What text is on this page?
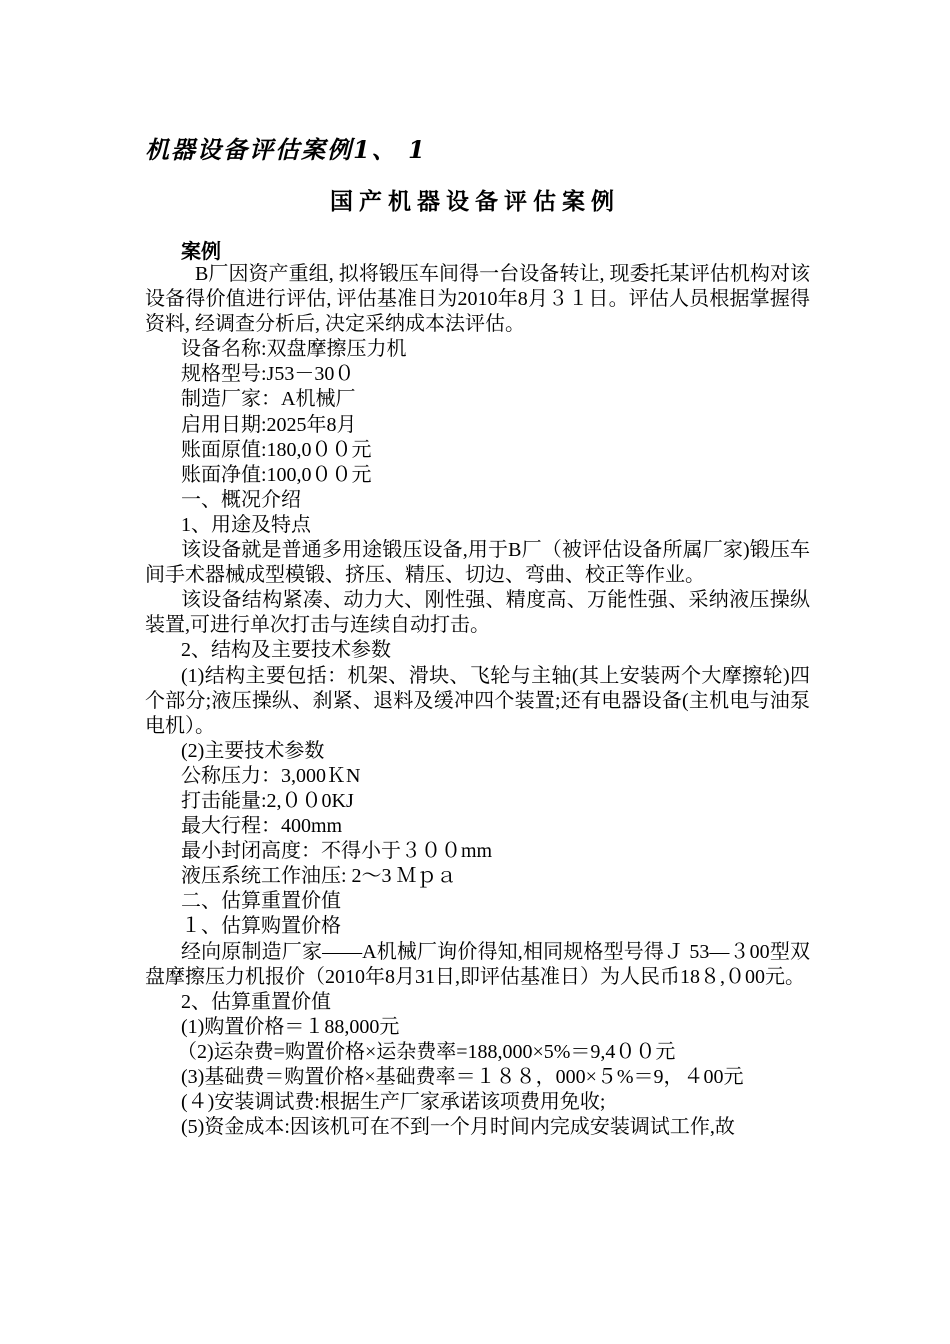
机器设备评估案例1、 1
国产机器设备评估案例
案例

B厂因资产重组, 拟将锻压车间得一台设备转让, 现委托某评估机构对该设备得价值进行评估, 评估基准日为2010年8月３１日。评估人员根据掌握得资料, 经调查分析后, 决定采纳成本法评估。

设备名称:双盘摩擦压力机

规格型号:J53－30０

制造厂家：A机械厂

启用日期:2025年8月

账面原值:180,0００元

账面净值:100,0００元

一、概况介绍

1、用途及特点

该设备就是普通多用途锻压设备,用于B厂（被评估设备所属厂家)锻压车间手术器械成型模锻、挤压、精压、切边、弯曲、校正等作业。

该设备结构紧凑、动力大、刚性强、精度高、万能性强、采纳液压操纵装置,可进行单次打击与连续自动打击。

2、结构及主要技术参数

(1)结构主要包括：机架、滑块、飞轮与主轴(其上安装两个大摩擦轮)四个部分;液压操纵、刹紧、退料及缓冲四个装置;还有电器设备(主机电与油泵电机）。

(2)主要技术参数

公称压力：3,000ＫN

打击能量:2,００0KJ

最大行程：400mm

最小封闭高度：不得小于３００mm

液压系统工作油压: 2～3 Ｍｐａ

二、估算重置价值

１、估算购置价格

经向原制造厂家——A机械厂询价得知,相同规格型号得Ｊ 53—３00型双盘摩擦压力机报价（2010年8月31日,即评估基准日）为人民币18８,０00元。

2、估算重置价值

(1)购置价格＝１88,000元

（2)运杂费=购置价格×运杂费率=188,000×5%＝9,4００元

(3)基础费＝购置价格×基础费率＝１８８，000×５%＝9，４00元

(４)安装调试费:根据生产厂家承诺该项费用免收;

(5)资金成本:因该机可在不到一个月时间内完成安装调试工作,故
